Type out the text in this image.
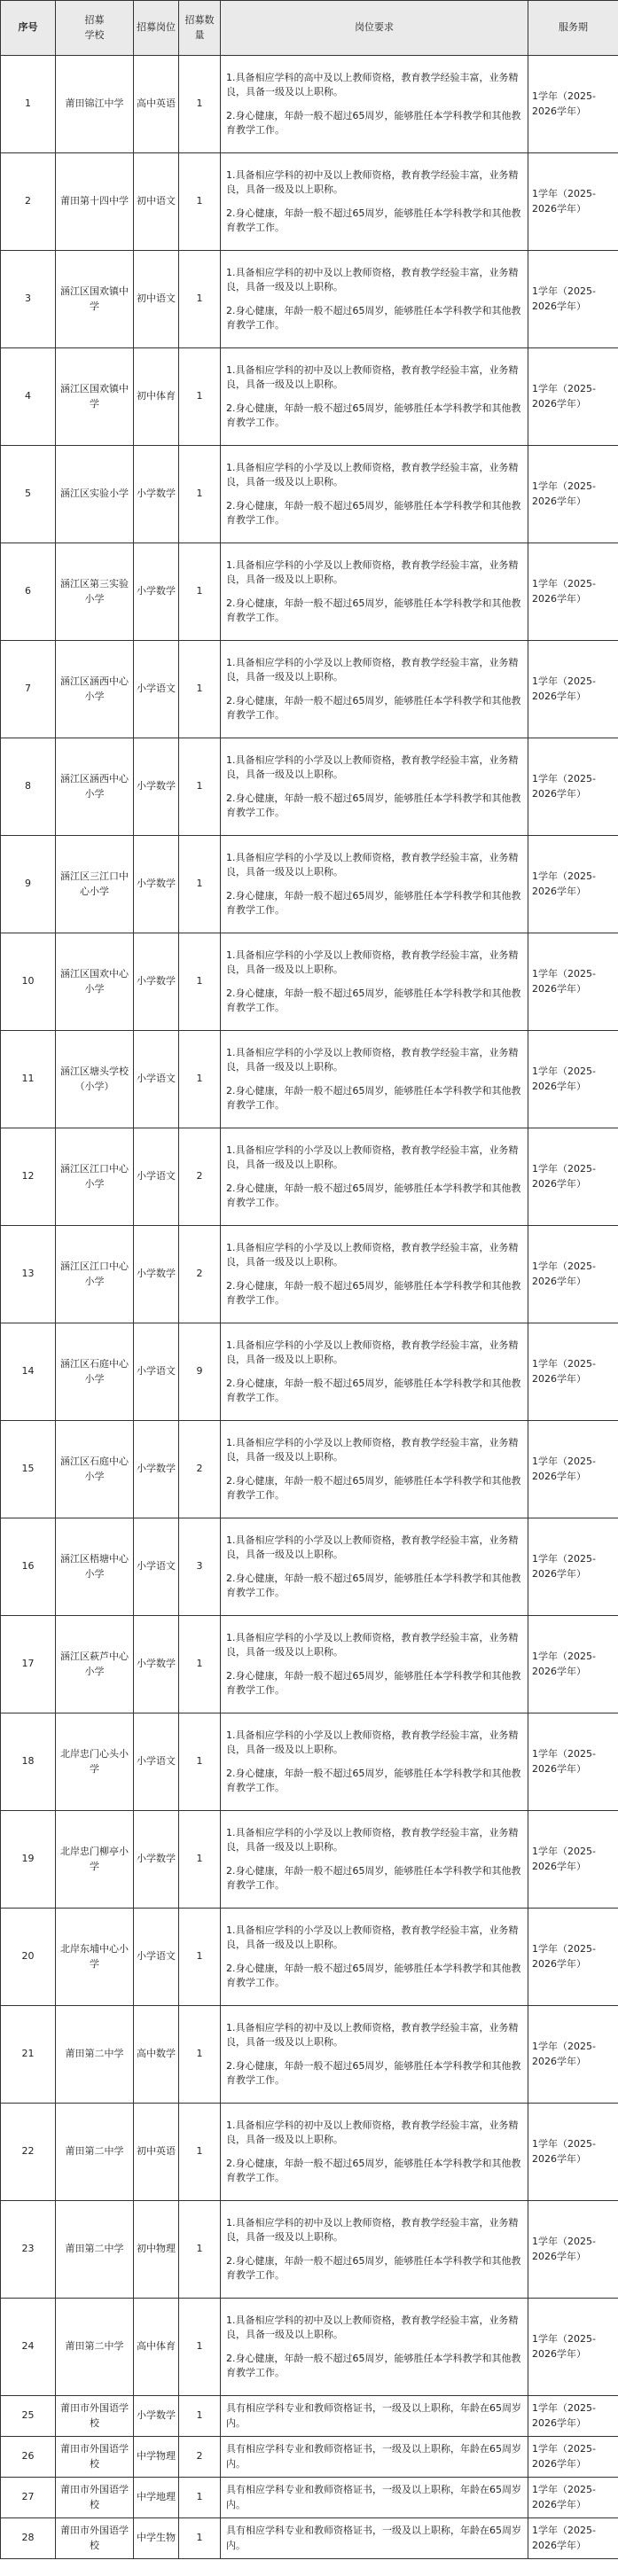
序号	招募
学校	招募岗位	招募数量	岗位要求	服务期
1	莆田锦江中学	高中英语	1	1.具备相应学科的高中及以上教师资格，教育教学经验丰富，业务精良，具备一级及以上职称。

2.身心健康，年龄一般不超过65周岁，能够胜任本学科教学和其他教育教学工作。	1学年（2025-2026学年）
2	莆田第十四中学	初中语文	1	1.具备相应学科的初中及以上教师资格，教育教学经验丰富，业务精良，具备一级及以上职称。

2.身心健康，年龄一般不超过65周岁，能够胜任本学科教学和其他教育教学工作。	1学年（2025-2026学年）
3	涵江区国欢镇中学	初中语文	1	1.具备相应学科的初中及以上教师资格，教育教学经验丰富，业务精良，具备一级及以上职称。

2.身心健康，年龄一般不超过65周岁，能够胜任本学科教学和其他教育教学工作。	1学年（2025-2026学年）
4	涵江区国欢镇中学	初中体育	1	1.具备相应学科的初中及以上教师资格，教育教学经验丰富，业务精良，具备一级及以上职称。

2.身心健康，年龄一般不超过65周岁，能够胜任本学科教学和其他教育教学工作。	1学年（2025-2026学年）
5	涵江区实验小学	小学数学	1	1.具备相应学科的小学及以上教师资格，教育教学经验丰富，业务精良，具备一级及以上职称。

2.身心健康，年龄一般不超过65周岁，能够胜任本学科教学和其他教育教学工作。	1学年（2025-2026学年）
6	涵江区第三实验小学	小学数学	1	1.具备相应学科的小学及以上教师资格，教育教学经验丰富，业务精良，具备一级及以上职称。

2.身心健康，年龄一般不超过65周岁，能够胜任本学科教学和其他教育教学工作。	1学年（2025-2026学年）
7	涵江区涵西中心小学	小学语文	1	1.具备相应学科的小学及以上教师资格，教育教学经验丰富，业务精良，具备一级及以上职称。

2.身心健康，年龄一般不超过65周岁，能够胜任本学科教学和其他教育教学工作。	1学年（2025-2026学年）
8	涵江区涵西中心小学	小学数学	1	1.具备相应学科的小学及以上教师资格，教育教学经验丰富，业务精良，具备一级及以上职称。

2.身心健康，年龄一般不超过65周岁，能够胜任本学科教学和其他教育教学工作。	1学年（2025-2026学年）
9	涵江区三江口中心小学	小学数学	1	1.具备相应学科的小学及以上教师资格，教育教学经验丰富，业务精良，具备一级及以上职称。

2.身心健康，年龄一般不超过65周岁，能够胜任本学科教学和其他教育教学工作。	1学年（2025-2026学年）
10	涵江区国欢中心小学	小学数学	1	1.具备相应学科的小学及以上教师资格，教育教学经验丰富，业务精良，具备一级及以上职称。

2.身心健康，年龄一般不超过65周岁，能够胜任本学科教学和其他教育教学工作。	1学年（2025-2026学年）
11	涵江区塘头学校（小学）	小学语文	1	1.具备相应学科的小学及以上教师资格，教育教学经验丰富，业务精良，具备一级及以上职称。

2.身心健康，年龄一般不超过65周岁，能够胜任本学科教学和其他教育教学工作。	1学年（2025-2026学年）
12	涵江区江口中心小学	小学语文	2	1.具备相应学科的小学及以上教师资格，教育教学经验丰富，业务精良，具备一级及以上职称。

2.身心健康，年龄一般不超过65周岁，能够胜任本学科教学和其他教育教学工作。	1学年（2025-2026学年）
13	涵江区江口中心小学	小学数学	2	1.具备相应学科的小学及以上教师资格，教育教学经验丰富，业务精良，具备一级及以上职称。

2.身心健康，年龄一般不超过65周岁，能够胜任本学科教学和其他教育教学工作。	1学年（2025-2026学年）
14	涵江区石庭中心小学	小学语文	9	1.具备相应学科的小学及以上教师资格，教育教学经验丰富，业务精良，具备一级及以上职称。

2.身心健康，年龄一般不超过65周岁，能够胜任本学科教学和其他教育教学工作。	1学年（2025-2026学年）
15	涵江区石庭中心小学	小学数学	2	1.具备相应学科的小学及以上教师资格，教育教学经验丰富，业务精良，具备一级及以上职称。

2.身心健康，年龄一般不超过65周岁，能够胜任本学科教学和其他教育教学工作。	1学年（2025-2026学年）
16	涵江区梧塘中心小学	小学语文	3	1.具备相应学科的小学及以上教师资格，教育教学经验丰富，业务精良，具备一级及以上职称。

2.身心健康，年龄一般不超过65周岁，能够胜任本学科教学和其他教育教学工作。	1学年（2025-2026学年）
17	涵江区萩芦中心小学	小学数学	1	1.具备相应学科的小学及以上教师资格，教育教学经验丰富，业务精良，具备一级及以上职称。

2.身心健康，年龄一般不超过65周岁，能够胜任本学科教学和其他教育教学工作。	1学年（2025-2026学年）
18	北岸忠门心头小学	小学语文	1	1.具备相应学科的小学及以上教师资格，教育教学经验丰富，业务精良，具备一级及以上职称。

2.身心健康，年龄一般不超过65周岁，能够胜任本学科教学和其他教育教学工作。	1学年（2025-2026学年）
19	北岸忠门柳亭小学	小学数学	1	1.具备相应学科的小学及以上教师资格，教育教学经验丰富，业务精良，具备一级及以上职称。

2.身心健康，年龄一般不超过65周岁，能够胜任本学科教学和其他教育教学工作。	1学年（2025-2026学年）
20	北岸东埔中心小学	小学语文	1	1.具备相应学科的小学及以上教师资格，教育教学经验丰富，业务精良，具备一级及以上职称。

2.身心健康，年龄一般不超过65周岁，能够胜任本学科教学和其他教育教学工作。	1学年（2025-2026学年）
21	莆田第二中学	高中数学	1	1.具备相应学科的初中及以上教师资格，教育教学经验丰富，业务精良，具备一级及以上职称。

2.身心健康，年龄一般不超过65周岁，能够胜任本学科教学和其他教育教学工作。	1学年（2025-2026学年）
22	莆田第二中学	初中英语	1	1.具备相应学科的初中及以上教师资格，教育教学经验丰富，业务精良，具备一级及以上职称。

2.身心健康，年龄一般不超过65周岁，能够胜任本学科教学和其他教育教学工作。	1学年（2025-2026学年）
23	莆田第二中学	初中物理	1	1.具备相应学科的初中及以上教师资格，教育教学经验丰富，业务精良，具备一级及以上职称。

2.身心健康，年龄一般不超过65周岁，能够胜任本学科教学和其他教育教学工作。	1学年（2025-2026学年）
24	莆田第二中学	高中体育	1	1.具备相应学科的初中及以上教师资格，教育教学经验丰富，业务精良，具备一级及以上职称。

2.身心健康，年龄一般不超过65周岁，能够胜任本学科教学和其他教育教学工作。	1学年（2025-2026学年）
25	莆田市外国语学校	小学数学	1	具有相应学科专业和教师资格证书，一级及以上职称，年龄在65周岁内。	1学年（2025-2026学年）
26	莆田市外国语学校	中学物理	2	具有相应学科专业和教师资格证书，一级及以上职称，年龄在65周岁内。	1学年（2025-2026学年）
27	莆田市外国语学校	中学地理	1	具有相应学科专业和教师资格证书，一级及以上职称，年龄在65周岁内。	1学年（2025-2026学年）
28	莆田市外国语学校	中学生物	1	具有相应学科专业和教师资格证书，一级及以上职称，年龄在65周岁内。	1学年（2025-2026学年）
